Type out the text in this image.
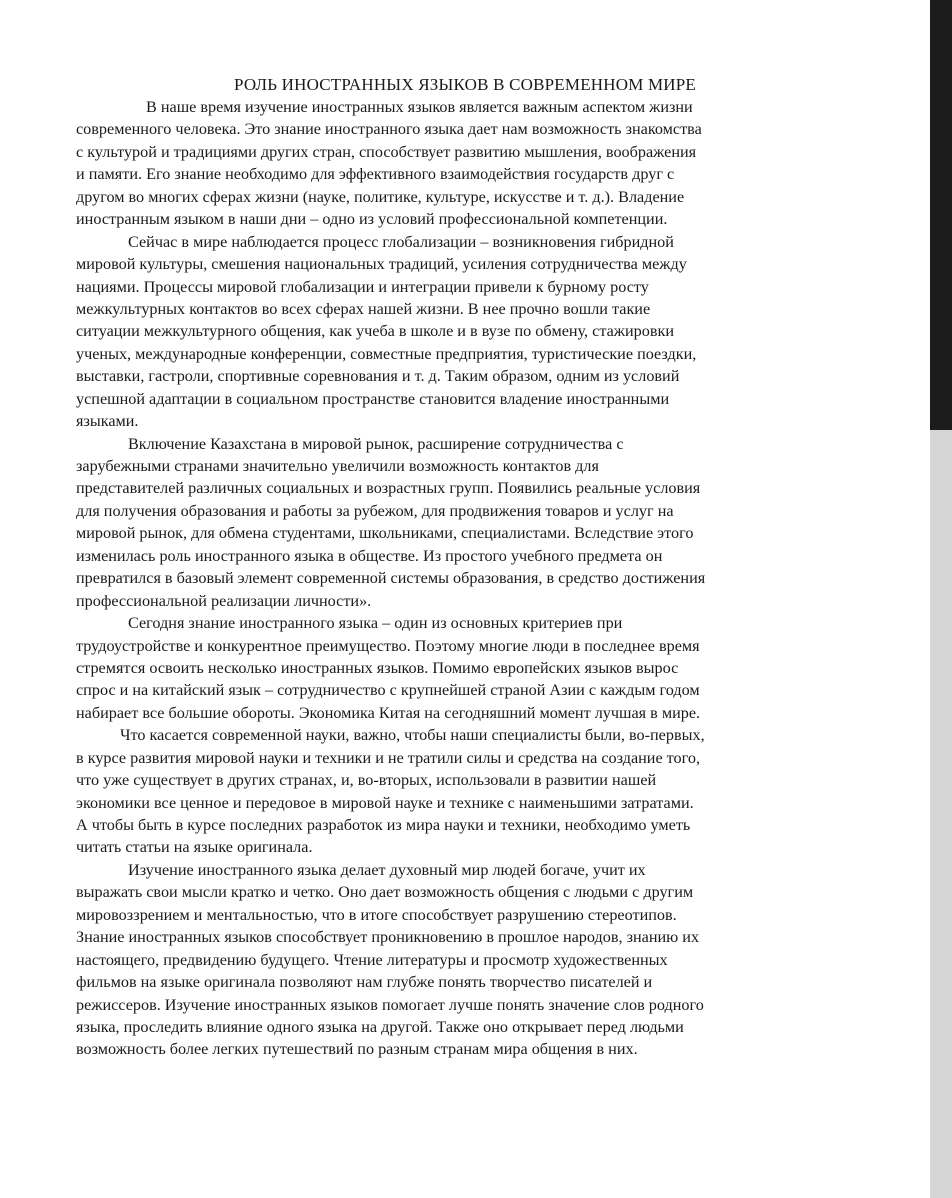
РОЛЬ ИНОСТРАННЫХ ЯЗЫКОВ В СОВРЕМЕННОМ МИРЕ
В наше время изучение иностранных языков является важным аспектом жизни
современного человека. Это знание иностранного языка дает нам возможность знакомства
с культурой и традициями других стран, способствует развитию мышления, воображения
и памяти. Его знание необходимо для эффективного взаимодействия государств друг с
другом во многих сферах жизни (науке, политике, культуре, искусстве и т. д.). Владение
иностранным языком в наши дни – одно из условий профессиональной компетенции.
Сейчас в мире наблюдается процесс глобализации – возникновения гибридной
мировой культуры, смешения национальных традиций, усиления сотрудничества между
нациями. Процессы мировой глобализации и интеграции привели к бурному росту
межкультурных контактов во всех сферах нашей жизни. В нее прочно вошли такие
ситуации межкультурного общения, как учеба в школе и в вузе по обмену, стажировки
ученых, международные конференции, совместные предприятия, туристические поездки,
выставки, гастроли, спортивные соревнования и т. д. Таким образом, одним из условий
успешной адаптации в социальном пространстве становится владение иностранными
языками.
Включение Казахстана в мировой рынок, расширение сотрудничества с
зарубежными странами значительно увеличили возможность контактов для
представителей различных социальных и возрастных групп. Появились реальные условия
для получения образования и работы за рубежом, для продвижения товаров и услуг на
мировой рынок, для обмена студентами, школьниками, специалистами. Вследствие этого
изменилась роль иностранного языка в обществе. Из простого учебного предмета он
превратился в базовый элемент современной системы образования, в средство достижения
профессиональной реализации личности».
Сегодня знание иностранного языка – один из основных критериев при
трудоустройстве и конкурентное преимущество. Поэтому многие люди в последнее время
стремятся освоить несколько иностранных языков. Помимо европейских языков вырос
спрос и на китайский язык – сотрудничество с крупнейшей страной Азии с каждым годом
набирает все большие обороты. Экономика Китая на сегодняшний момент лучшая в мире.
Что касается современной науки, важно, чтобы наши специалисты были, во-первых,
в курсе развития мировой науки и техники и не тратили силы и средства на создание того,
что уже существует в других странах, и, во-вторых, использовали в развитии нашей
экономики все ценное и передовое в мировой науке и технике с наименьшими затратами.
А чтобы быть в курсе последних разработок из мира науки и техники, необходимо уметь
читать статьи на языке оригинала.
Изучение иностранного языка делает духовный мир людей богаче, учит их
выражать свои мысли кратко и четко. Оно дает возможность общения с людьми с другим
мировоззрением и ментальностью, что в итоге способствует разрушению стереотипов.
Знание иностранных языков способствует проникновению в прошлое народов, знанию их
настоящего, предвидению будущего. Чтение литературы и просмотр художественных
фильмов на языке оригинала позволяют нам глубже понять творчество писателей и
режиссеров. Изучение иностранных языков помогает лучше понять значение слов родного
языка, проследить влияние одного языка на другой. Также оно открывает перед людьми
возможность более легких путешествий по разным странам мира общения в них.
